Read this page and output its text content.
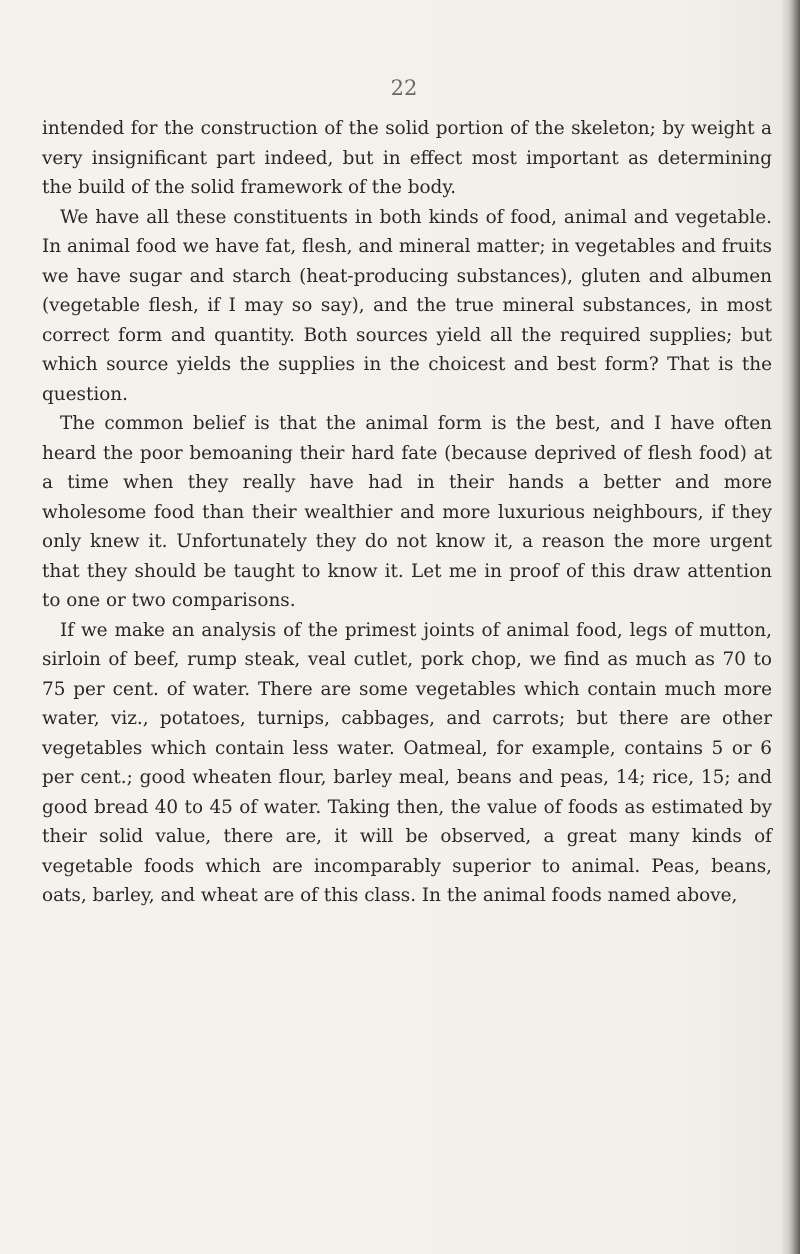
22

intended for the construction of the solid portion of the skeleton; by weight a very insignificant part indeed, but in effect most important as determining the build of the solid framework of the body.

We have all these constituents in both kinds of food, animal and vegetable. In animal food we have fat, flesh, and mineral matter; in vegetables and fruits we have sugar and starch (heat-producing substances), gluten and albumen (vegetable flesh, if I may so say), and the true mineral substances, in most correct form and quantity. Both sources yield all the required supplies; but which source yields the supplies in the choicest and best form? That is the question.

The common belief is that the animal form is the best, and I have often heard the poor bemoaning their hard fate (because deprived of flesh food) at a time when they really have had in their hands a better and more wholesome food than their wealthier and more luxurious neighbours, if they only knew it. Unfortunately they do not know it, a reason the more urgent that they should be taught to know it. Let me in proof of this draw attention to one or two comparisons.

If we make an analysis of the primest joints of animal food, legs of mutton, sirloin of beef, rump steak, veal cutlet, pork chop, we find as much as 70 to 75 per cent. of water. There are some vegetables which contain much more water, viz., potatoes, turnips, cabbages, and carrots; but there are other vegetables which contain less water. Oatmeal, for example, contains 5 or 6 per cent.; good wheaten flour, barley meal, beans and peas, 14; rice, 15; and good bread 40 to 45 of water. Taking then, the value of foods as estimated by their solid value, there are, it will be observed, a great many kinds of vegetable foods which are incomparably superior to animal. Peas, beans, oats, barley, and wheat are of this class. In the animal foods named above,
